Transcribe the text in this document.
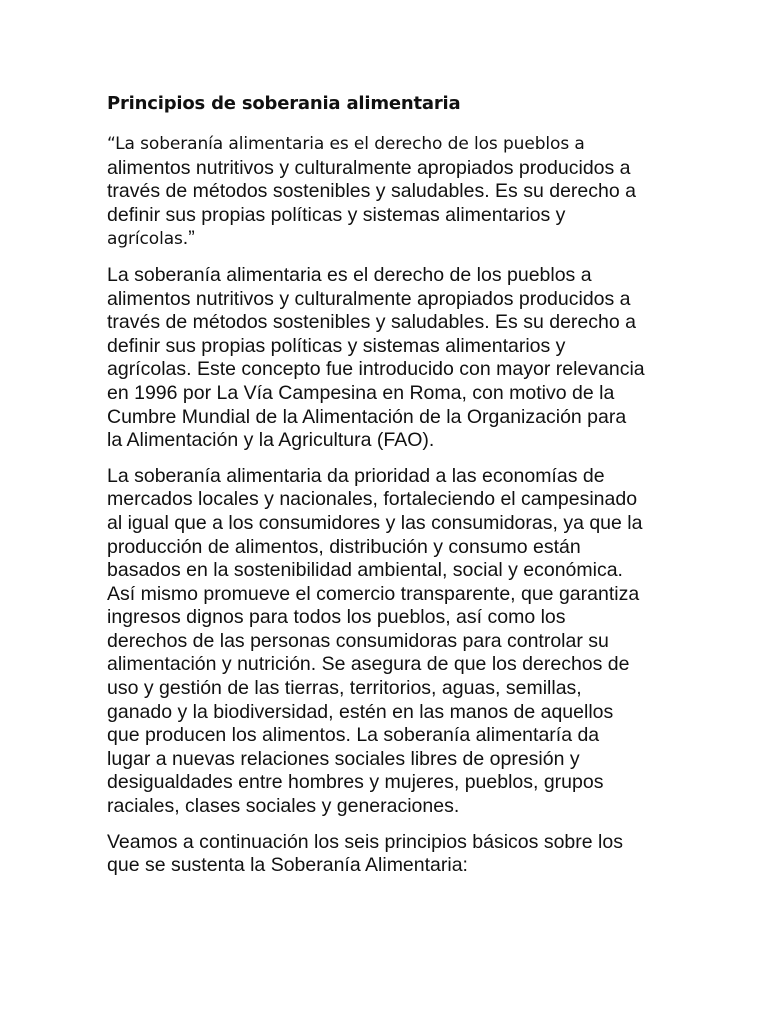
Principios de soberania alimentaria

“La soberanía alimentaria es el derecho de los pueblos a
alimentos nutritivos y culturalmente apropiados producidos a
través de métodos sostenibles y saludables. Es su derecho a
definir sus propias políticas y sistemas alimentarios y
agrícolas.”

La soberanía alimentaria es el derecho de los pueblos a
alimentos nutritivos y culturalmente apropiados producidos a
través de métodos sostenibles y saludables. Es su derecho a
definir sus propias políticas y sistemas alimentarios y
agrícolas. Este concepto fue introducido con mayor relevancia
en 1996 por La Vía Campesina en Roma, con motivo de la
Cumbre Mundial de la Alimentación de la Organización para
la Alimentación y la Agricultura (FAO).

La soberanía alimentaria da prioridad a las economías de
mercados locales y nacionales, fortaleciendo el campesinado
al igual que a los consumidores y las consumidoras, ya que la
producción de alimentos, distribución y consumo están
basados en la sostenibilidad ambiental, social y económica.
Así mismo promueve el comercio transparente, que garantiza
ingresos dignos para todos los pueblos, así como los
derechos de las personas consumidoras para controlar su
alimentación y nutrición. Se asegura de que los derechos de
uso y gestión de las tierras, territorios, aguas, semillas,
ganado y la biodiversidad, estén en las manos de aquellos
que producen los alimentos. La soberanía alimentaría da
lugar a nuevas relaciones sociales libres de opresión y
desigualdades entre hombres y mujeres, pueblos, grupos
raciales, clases sociales y generaciones.

Veamos a continuación los seis principios básicos sobre los
que se sustenta la Soberanía Alimentaria:
